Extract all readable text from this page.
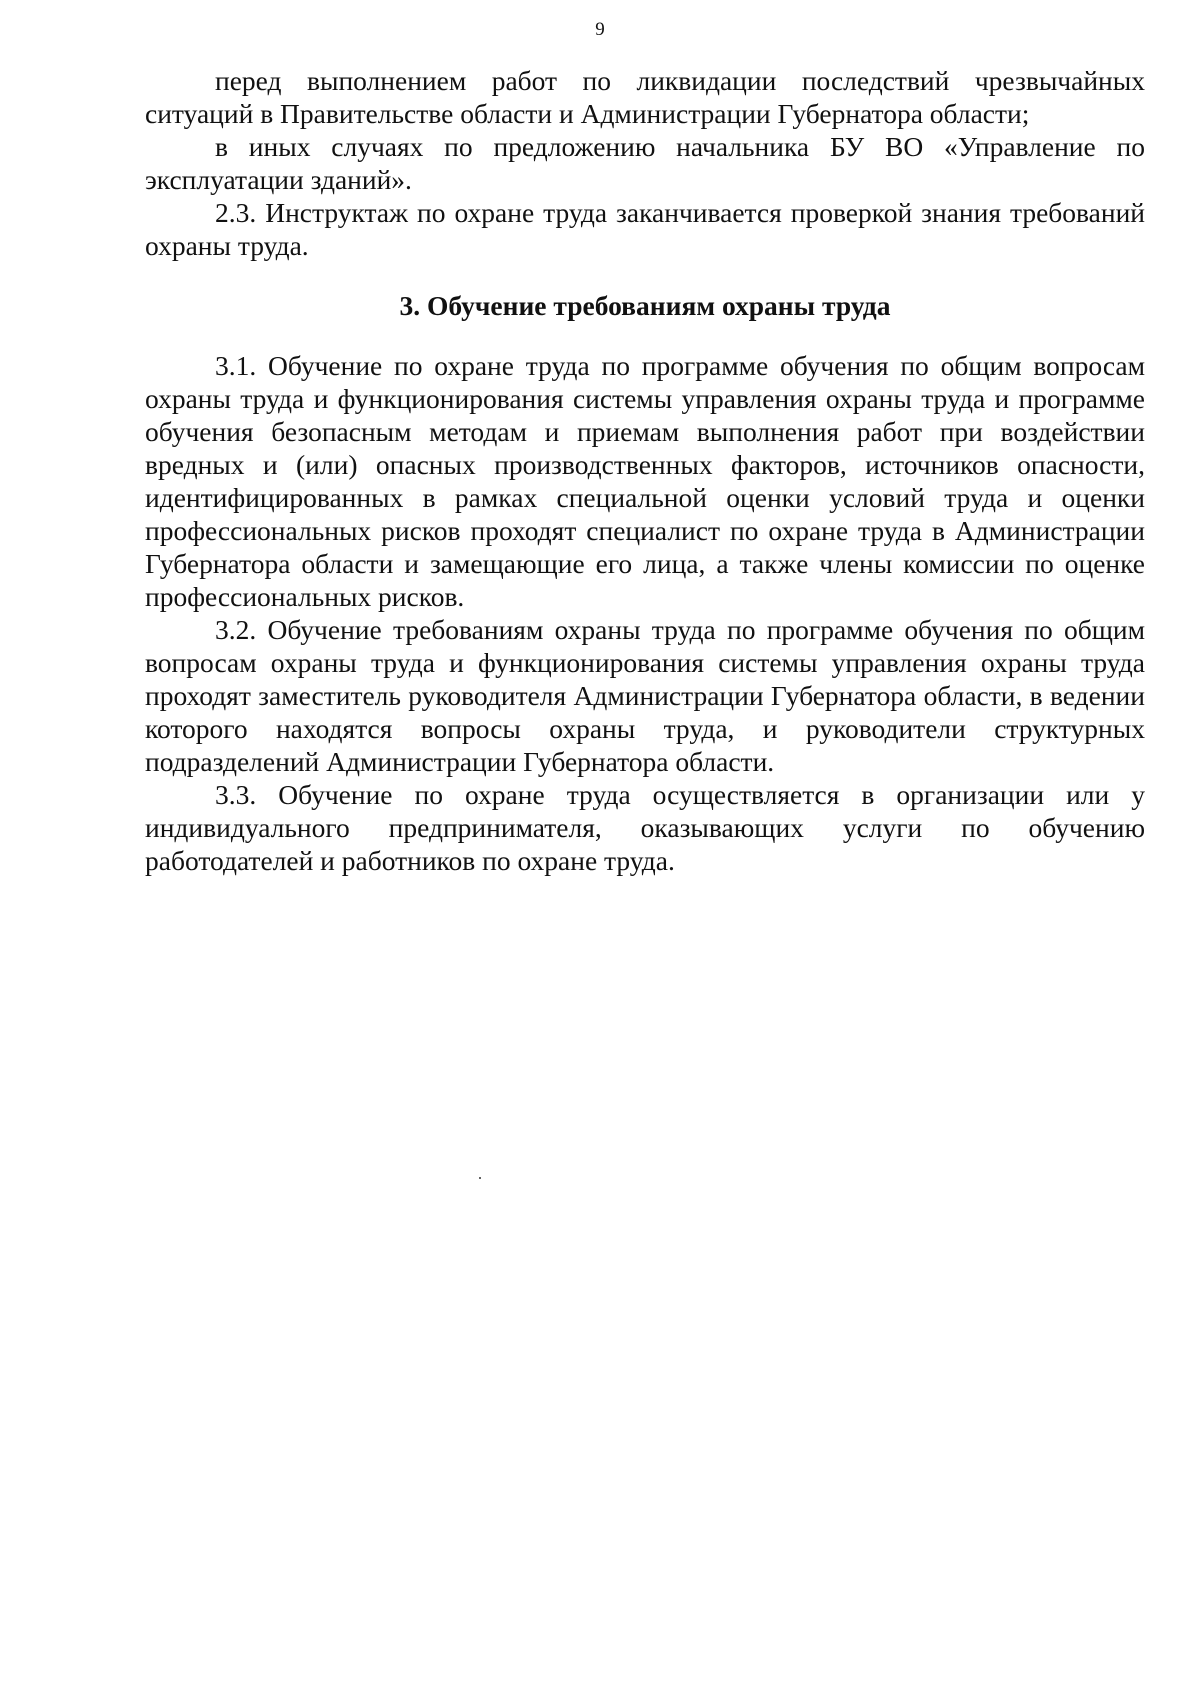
9

перед выполнением работ по ликвидации последствий чрезвычайных ситуаций в Правительстве области и Администрации Губернатора области;

в иных случаях по предложению начальника БУ ВО «Управление по эксплуатации зданий».

2.3. Инструктаж по охране труда заканчивается проверкой знания требований охраны труда.

3. Обучение требованиям охраны труда

3.1. Обучение по охране труда по программе обучения по общим вопросам охраны труда и функционирования системы управления охраны труда и программе обучения безопасным методам и приемам выполнения работ при воздействии вредных и (или) опасных производственных факторов, источников опасности, идентифицированных в рамках специальной оценки условий труда и оценки профессиональных рисков проходят специалист по охране труда в Администрации Губернатора области и замещающие его лица, а также члены комиссии по оценке профессиональных рисков.

3.2. Обучение требованиям охраны труда по программе обучения по общим вопросам охраны труда и функционирования системы управления охраны труда проходят заместитель руководителя Администрации Губернатора области, в ведении которого находятся вопросы охраны труда, и руководители структурных подразделений Администрации Губернатора области.

3.3. Обучение по охране труда осуществляется в организации или у индивидуального предпринимателя, оказывающих услуги по обучению работодателей и работников по охране труда.
